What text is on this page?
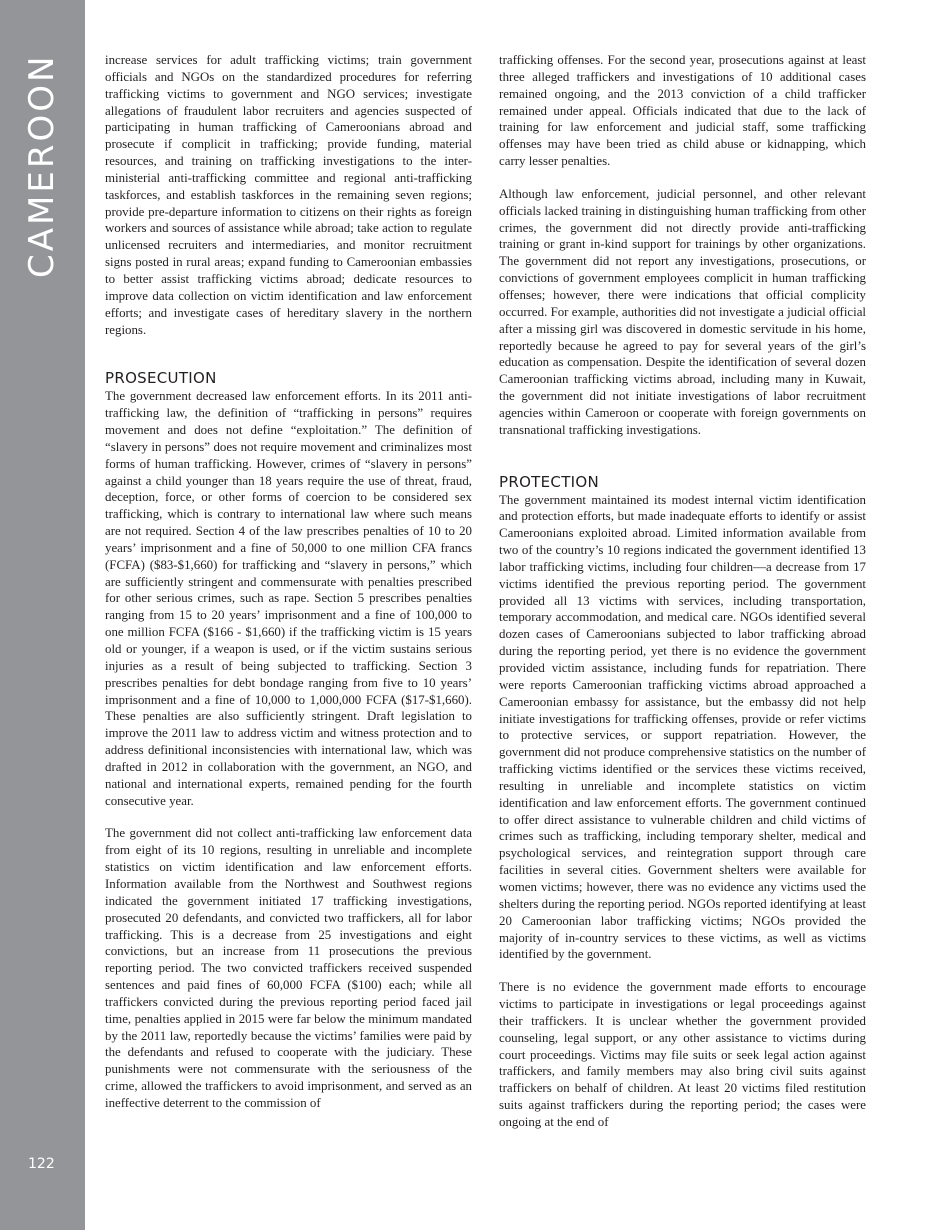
CAMEROON
122

increase services for adult trafficking victims; train government officials and NGOs on the standardized procedures for referring trafficking victims to government and NGO services; investigate allegations of fraudulent labor recruiters and agencies suspected of participating in human trafficking of Cameroonians abroad and prosecute if complicit in trafficking; provide funding, material resources, and training on trafficking investigations to the inter-ministerial anti-trafficking committee and regional anti-trafficking taskforces, and establish taskforces in the remaining seven regions; provide pre-departure information to citizens on their rights as foreign workers and sources of assistance while abroad; take action to regulate unlicensed recruiters and intermediaries, and monitor recruitment signs posted in rural areas; expand funding to Cameroonian embassies to better assist trafficking victims abroad; dedicate resources to improve data collection on victim identification and law enforcement efforts; and investigate cases of hereditary slavery in the northern regions.

PROSECUTION

The government decreased law enforcement efforts. In its 2011 anti-trafficking law, the definition of “trafficking in persons” requires movement and does not define “exploitation.” The definition of “slavery in persons” does not require movement and criminalizes most forms of human trafficking. However, crimes of “slavery in persons” against a child younger than 18 years require the use of threat, fraud, deception, force, or other forms of coercion to be considered sex trafficking, which is contrary to international law where such means are not required. Section 4 of the law prescribes penalties of 10 to 20 years’ imprisonment and a fine of 50,000 to one million CFA francs (FCFA) ($83-$1,660) for trafficking and “slavery in persons,” which are sufficiently stringent and commensurate with penalties prescribed for other serious crimes, such as rape. Section 5 prescribes penalties ranging from 15 to 20 years’ imprisonment and a fine of 100,000 to one million FCFA ($166 - $1,660) if the trafficking victim is 15 years old or younger, if a weapon is used, or if the victim sustains serious injuries as a result of being subjected to trafficking. Section 3 prescribes penalties for debt bondage ranging from five to 10 years’ imprisonment and a fine of 10,000 to 1,000,000 FCFA ($17-$1,660). These penalties are also sufficiently stringent. Draft legislation to improve the 2011 law to address victim and witness protection and to address definitional inconsistencies with international law, which was drafted in 2012 in collaboration with the government, an NGO, and national and international experts, remained pending for the fourth consecutive year.

The government did not collect anti-trafficking law enforcement data from eight of its 10 regions, resulting in unreliable and incomplete statistics on victim identification and law enforcement efforts. Information available from the Northwest and Southwest regions indicated the government initiated 17 trafficking investigations, prosecuted 20 defendants, and convicted two traffickers, all for labor trafficking. This is a decrease from 25 investigations and eight convictions, but an increase from 11 prosecutions the previous reporting period. The two convicted traffickers received suspended sentences and paid fines of 60,000 FCFA ($100) each; while all traffickers convicted during the previous reporting period faced jail time, penalties applied in 2015 were far below the minimum mandated by the 2011 law, reportedly because the victims’ families were paid by the defendants and refused to cooperate with the judiciary. These punishments were not commensurate with the seriousness of the crime, allowed the traffickers to avoid imprisonment, and served as an ineffective deterrent to the commission of

trafficking offenses. For the second year, prosecutions against at least three alleged traffickers and investigations of 10 additional cases remained ongoing, and the 2013 conviction of a child trafficker remained under appeal. Officials indicated that due to the lack of training for law enforcement and judicial staff, some trafficking offenses may have been tried as child abuse or kidnapping, which carry lesser penalties.

Although law enforcement, judicial personnel, and other relevant officials lacked training in distinguishing human trafficking from other crimes, the government did not directly provide anti-trafficking training or grant in-kind support for trainings by other organizations. The government did not report any investigations, prosecutions, or convictions of government employees complicit in human trafficking offenses; however, there were indications that official complicity occurred. For example, authorities did not investigate a judicial official after a missing girl was discovered in domestic servitude in his home, reportedly because he agreed to pay for several years of the girl’s education as compensation. Despite the identification of several dozen Cameroonian trafficking victims abroad, including many in Kuwait, the government did not initiate investigations of labor recruitment agencies within Cameroon or cooperate with foreign governments on transnational trafficking investigations.

PROTECTION

The government maintained its modest internal victim identification and protection efforts, but made inadequate efforts to identify or assist Cameroonians exploited abroad. Limited information available from two of the country’s 10 regions indicated the government identified 13 labor trafficking victims, including four children—a decrease from 17 victims identified the previous reporting period. The government provided all 13 victims with services, including transportation, temporary accommodation, and medical care. NGOs identified several dozen cases of Cameroonians subjected to labor trafficking abroad during the reporting period, yet there is no evidence the government provided victim assistance, including funds for repatriation. There were reports Cameroonian trafficking victims abroad approached a Cameroonian embassy for assistance, but the embassy did not help initiate investigations for trafficking offenses, provide or refer victims to protective services, or support repatriation. However, the government did not produce comprehensive statistics on the number of trafficking victims identified or the services these victims received, resulting in unreliable and incomplete statistics on victim identification and law enforcement efforts. The government continued to offer direct assistance to vulnerable children and child victims of crimes such as trafficking, including temporary shelter, medical and psychological services, and reintegration support through care facilities in several cities. Government shelters were available for women victims; however, there was no evidence any victims used the shelters during the reporting period. NGOs reported identifying at least 20 Cameroonian labor trafficking victims; NGOs provided the majority of in-country services to these victims, as well as victims identified by the government.

There is no evidence the government made efforts to encourage victims to participate in investigations or legal proceedings against their traffickers. It is unclear whether the government provided counseling, legal support, or any other assistance to victims during court proceedings. Victims may file suits or seek legal action against traffickers, and family members may also bring civil suits against traffickers on behalf of children. At least 20 victims filed restitution suits against traffickers during the reporting period; the cases were ongoing at the end of
